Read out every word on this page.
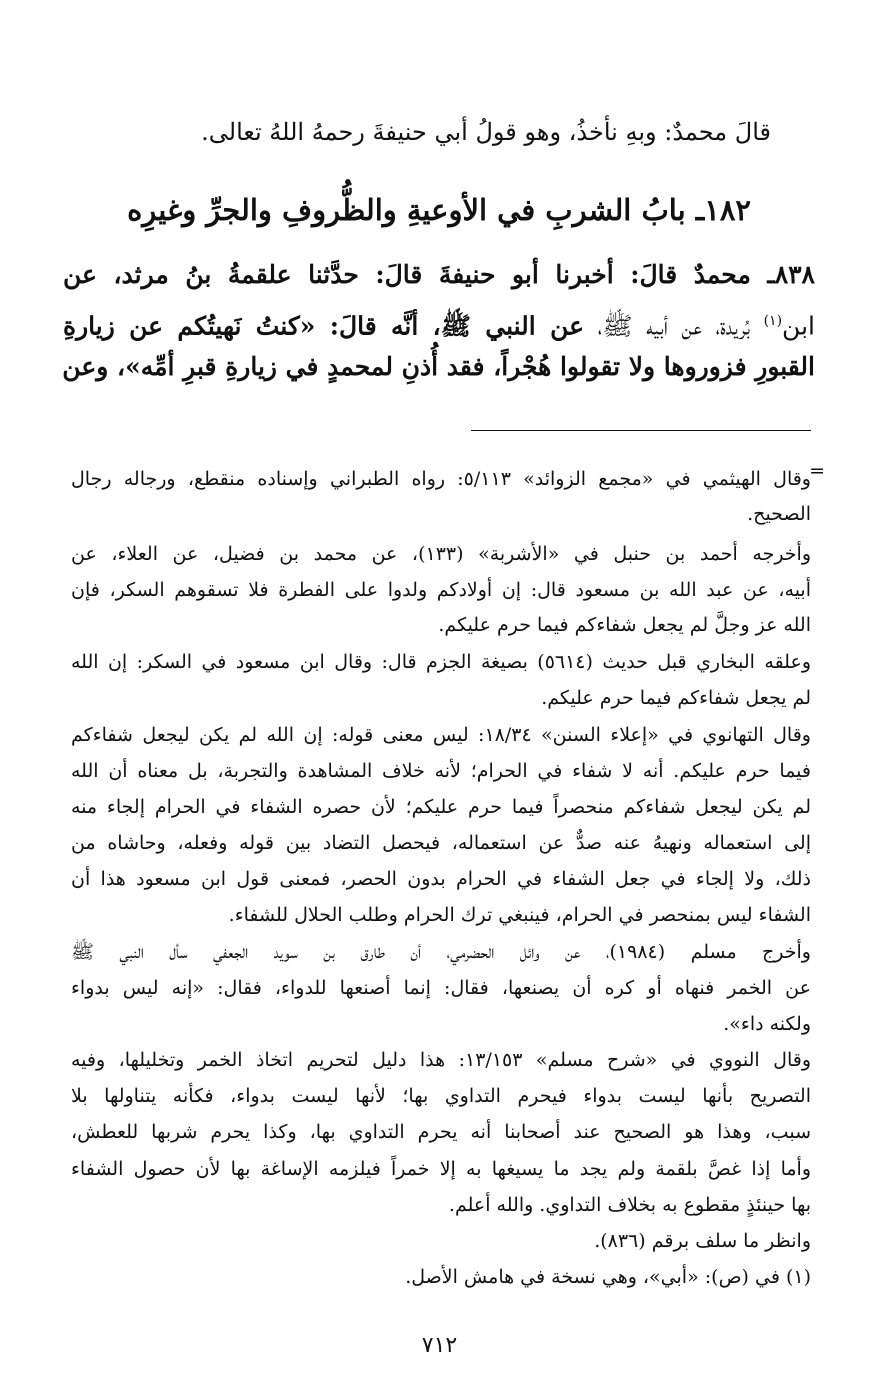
قالَ محمدٌ: وبهِ نأخذُ، وهو قولُ أبي حنيفةَ رحمهُ اللهُ تعالى.
١٨٢ـ بابُ الشربِ في الأوعيةِ والظُّروفِ والجرِّ وغيرِه
٨٣٨ـ محمدٌ قالَ: أخبرنا أبو حنيفةَ قالَ: حدَّثنا علقمةُ بنُ مرثد، عن
ابن$^{(١)}$ بُريدة، عن أبيه ﷺ، عن النبي ﷺ، أنَّه قالَ: «كنتُ نَهيتُكم عن زيارةِ
القبورِ فزوروها ولا تقولوا هُجْراً، فقد أُذنِ لمحمدٍ في زيارةِ قبرِ أمِّه»، وعن
=
وقال الهيثمي في «مجمع الزوائد» ٥/١١٣: رواه الطبراني وإسناده منقطع، ورجاله رجال
الصحيح.
وأخرجه أحمد بن حنبل في «الأشربة» (١٣٣)، عن محمد بن فضيل، عن العلاء، عن
أبيه، عن عبد الله بن مسعود قال: إن أولادكم ولدوا على الفطرة فلا تسقوهم السكر، فإن
الله عز وجلَّ لم يجعل شفاءكم فيما حرم عليكم.
وعلقه البخاري قبل حديث (٥٦١٤) بصيغة الجزم قال: وقال ابن مسعود في السكر: إن الله
لم يجعل شفاءكم فيما حرم عليكم.
وقال التهانوي في «إعلاء السنن» ١٨/٣٤: ليس معنى قوله: إن الله لم يكن ليجعل شفاءكم
فيما حرم عليكم. أنه لا شفاء في الحرام؛ لأنه خلاف المشاهدة والتجربة، بل معناه أن الله
لم يكن ليجعل شفاءكم منحصراً فيما حرم عليكم؛ لأن حصره الشفاء في الحرام إلجاء منه
إلى استعماله ونهيهُ عنه صدٌّ عن استعماله، فيحصل التضاد بين قوله وفعله، وحاشاه من
ذلك، ولا إلجاء في جعل الشفاء في الحرام بدون الحصر، فمعنى قول ابن مسعود هذا أن
الشفاء ليس بمنحصر في الحرام، فينبغي ترك الحرام وطلب الحلال للشفاء.
وأخرج مسلم (١٩٨٤)، عن وائل الحضرمي، أن طارق بن سويد الجعفي سأل النبي ﷺ
عن الخمر فنهاه أو كره أن يصنعها، فقال: إنما أصنعها للدواء، فقال: «إنه ليس بدواء
ولكنه داء».
وقال النووي في «شرح مسلم» ١٣/١٥٣: هذا دليل لتحريم اتخاذ الخمر وتخليلها، وفيه
التصريح بأنها ليست بدواء فيحرم التداوي بها؛ لأنها ليست بدواء، فكأنه يتناولها بلا
سبب، وهذا هو الصحيح عند أصحابنا أنه يحرم التداوي بها، وكذا يحرم شربها للعطش،
وأما إذا غصَّ بلقمة ولم يجد ما يسيغها به إلا خمراً فيلزمه الإساغة بها لأن حصول الشفاء
بها حينئذٍ مقطوع به بخلاف التداوي. والله أعلم.
وانظر ما سلف برقم (٨٣٦).
(١) في (ص): «أبي»، وهي نسخة في هامش الأصل.
٧١٢
